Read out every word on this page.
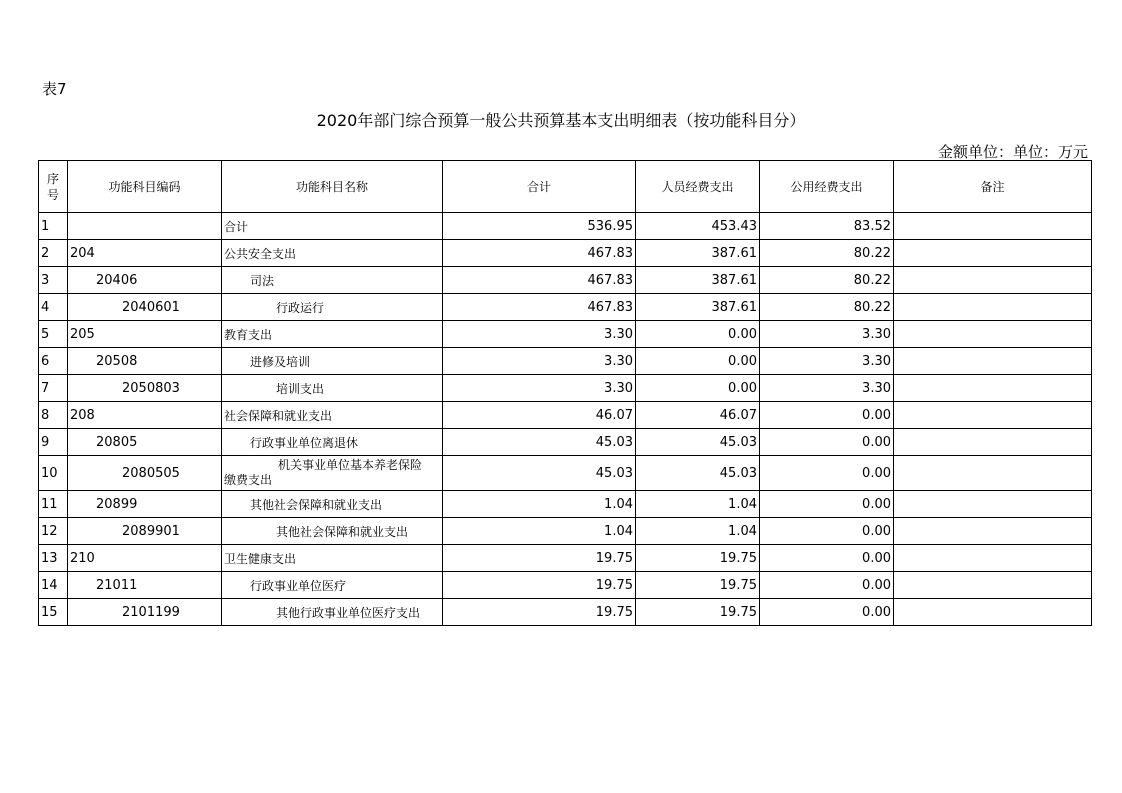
表7
2020年部门综合预算一般公共预算基本支出明细表（按功能科目分）
金额单位：单位：万元
序号	功能科目编码	功能科目名称	合计	人员经费支出	公用经费支出	备注
1		合计	536.95	453.43	83.52	
2	204	公共安全支出	467.83	387.61	80.22	
3	20406	司法	467.83	387.61	80.22	
4	2040601	行政运行	467.83	387.61	80.22	
5	205	教育支出	3.30	0.00	3.30	
6	20508	进修及培训	3.30	0.00	3.30	
7	2050803	培训支出	3.30	0.00	3.30	
8	208	社会保障和就业支出	46.07	46.07	0.00	
9	20805	行政事业单位离退休	45.03	45.03	0.00	
10	2080505	机关事业单位基本养老保险
缴费支出	45.03	45.03	0.00	
11	20899	其他社会保障和就业支出	1.04	1.04	0.00	
12	2089901	其他社会保障和就业支出	1.04	1.04	0.00	
13	210	卫生健康支出	19.75	19.75	0.00	
14	21011	行政事业单位医疗	19.75	19.75	0.00	
15	2101199	其他行政事业单位医疗支出	19.75	19.75	0.00	
